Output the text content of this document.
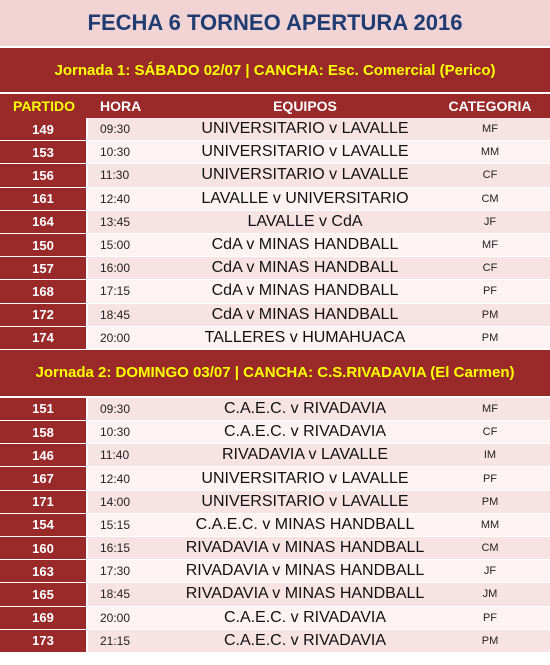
FECHA 6 TORNEO APERTURA 2016
Jornada 1: SÁBADO 02/07 | CANCHA: Esc. Comercial (Perico)
PARTIDO	HORA	EQUIPOS	CATEGORIA
149	09:30	UNIVERSITARIO v LAVALLE	MF
153	10:30	UNIVERSITARIO v LAVALLE	MM
156	11:30	UNIVERSITARIO v LAVALLE	CF
161	12:40	LAVALLE v UNIVERSITARIO	CM
164	13:45	LAVALLE v CdA	JF
150	15:00	CdA v MINAS HANDBALL	MF
157	16:00	CdA v MINAS HANDBALL	CF
168	17:15	CdA v MINAS HANDBALL	PF
172	18:45	CdA v MINAS HANDBALL	PM
174	20:00	TALLERES v HUMAHUACA	PM
Jornada 2: DOMINGO 03/07 | CANCHA: C.S.RIVADAVIA (El Carmen)
151	09:30	C.A.E.C. v RIVADAVIA	MF
158	10:30	C.A.E.C. v RIVADAVIA	CF
146	11:40	RIVADAVIA v LAVALLE	IM
167	12:40	UNIVERSITARIO v LAVALLE	PF
171	14:00	UNIVERSITARIO v LAVALLE	PM
154	15:15	C.A.E.C. v MINAS HANDBALL	MM
160	16:15	RIVADAVIA v MINAS HANDBALL	CM
163	17:30	RIVADAVIA v MINAS HANDBALL	JF
165	18:45	RIVADAVIA v MINAS HANDBALL	JM
169	20:00	C.A.E.C. v RIVADAVIA	PF
173	21:15	C.A.E.C. v RIVADAVIA	PM
